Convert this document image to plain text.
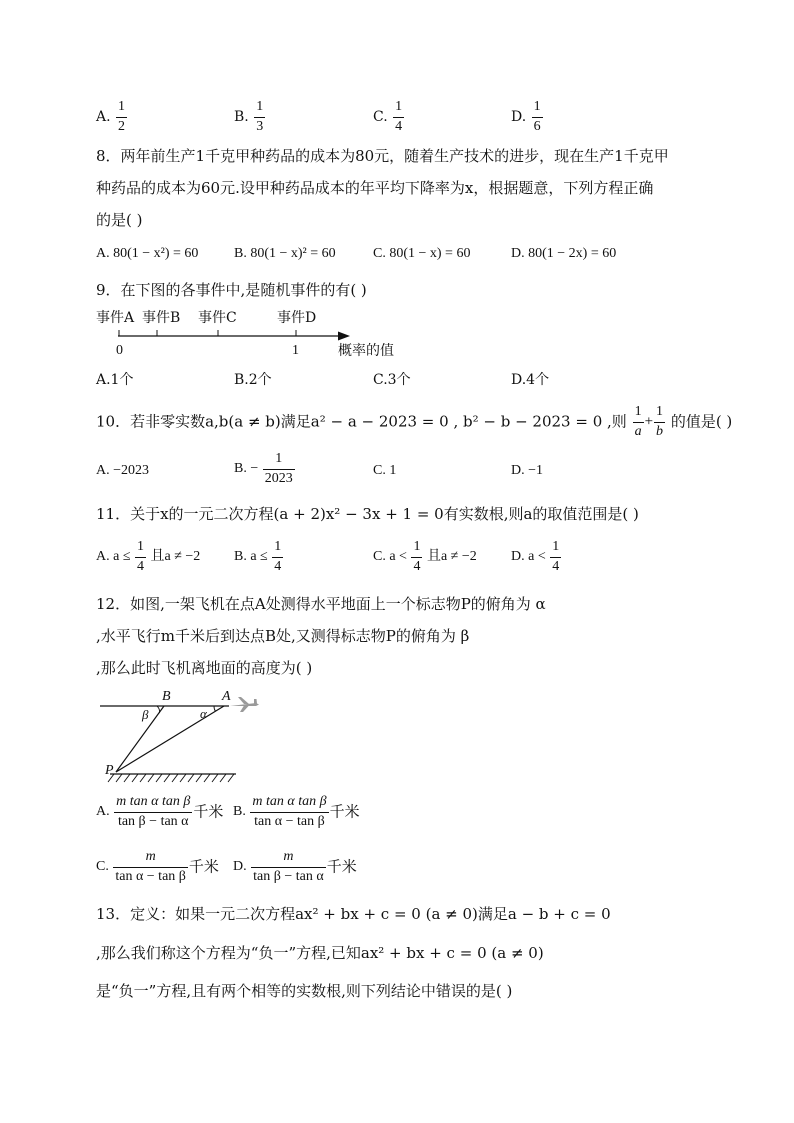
A. $\frac{1}{2}$	B. $\frac{1}{3}$	C. $\frac{1}{4}$	D. $\frac{1}{6}$
8．两年前生产1千克甲种药品的成本为80元，随着生产技术的进步，现在生产1千克甲
种药品的成本为60元.设甲种药品成本的年平均下降率为x，根据题意，下列方程正确
的是( )
A. 80(1 − x²) = 60	B. 80(1 − x)² = 60	C. 80(1 − x) = 60	D. 80(1 − 2x) = 60
9．在下图的各事件中,是随机事件的有( )
事件A 事件B 事件C	事件D
0	1	概率的值
A.1个	B.2个	C.3个	D.4个
10．若非零实数a,b(a ≠ b)满足a² − a − 2023 = 0 , b² − b − 2023 = 0 ,则 $\frac{1}{a} + \frac{1}{b}$ 的值是( )
A. −2023	B. − $\frac{1}{2023}$	C. 1	D. −1
11．关于x的一元二次方程(a + 2)x² − 3x + 1 = 0有实数根,则a的取值范围是( )
A. $a \le \frac{1}{4}$ 且a ≠ −2 B. $a \le \frac{1}{4}$	C. $a < \frac{1}{4}$ 且a ≠ −2 D. $a < \frac{1}{4}$
12．如图,一架飞机在点A处测得水平地面上一个标志物P的俯角为 α
,水平飞行m千米后到达点B处,又测得标志物P的俯角为 β
,那么此时飞机离地面的高度为( )
B	A
P
β	α
A. $\frac{\text{m tan α tan β}}{\text{tan β − tan α}}$ 千米 B. $\frac{\text{m tan α tan β}}{\text{tan α − tan β}}$ 千米
C. $\frac{m}{\text{tan α − tan β}}$ 千米 D. $\frac{m}{\text{tan β − tan α}}$ 千米
13．定义：如果一元二次方程ax² + bx + c = 0 (a ≠ 0)满足a − b + c = 0
,那么我们称这个方程为“负一”方程,已知ax² + bx + c = 0 (a ≠ 0)
是“负一”方程,且有两个相等的实数根,则下列结论中错误的是( )
